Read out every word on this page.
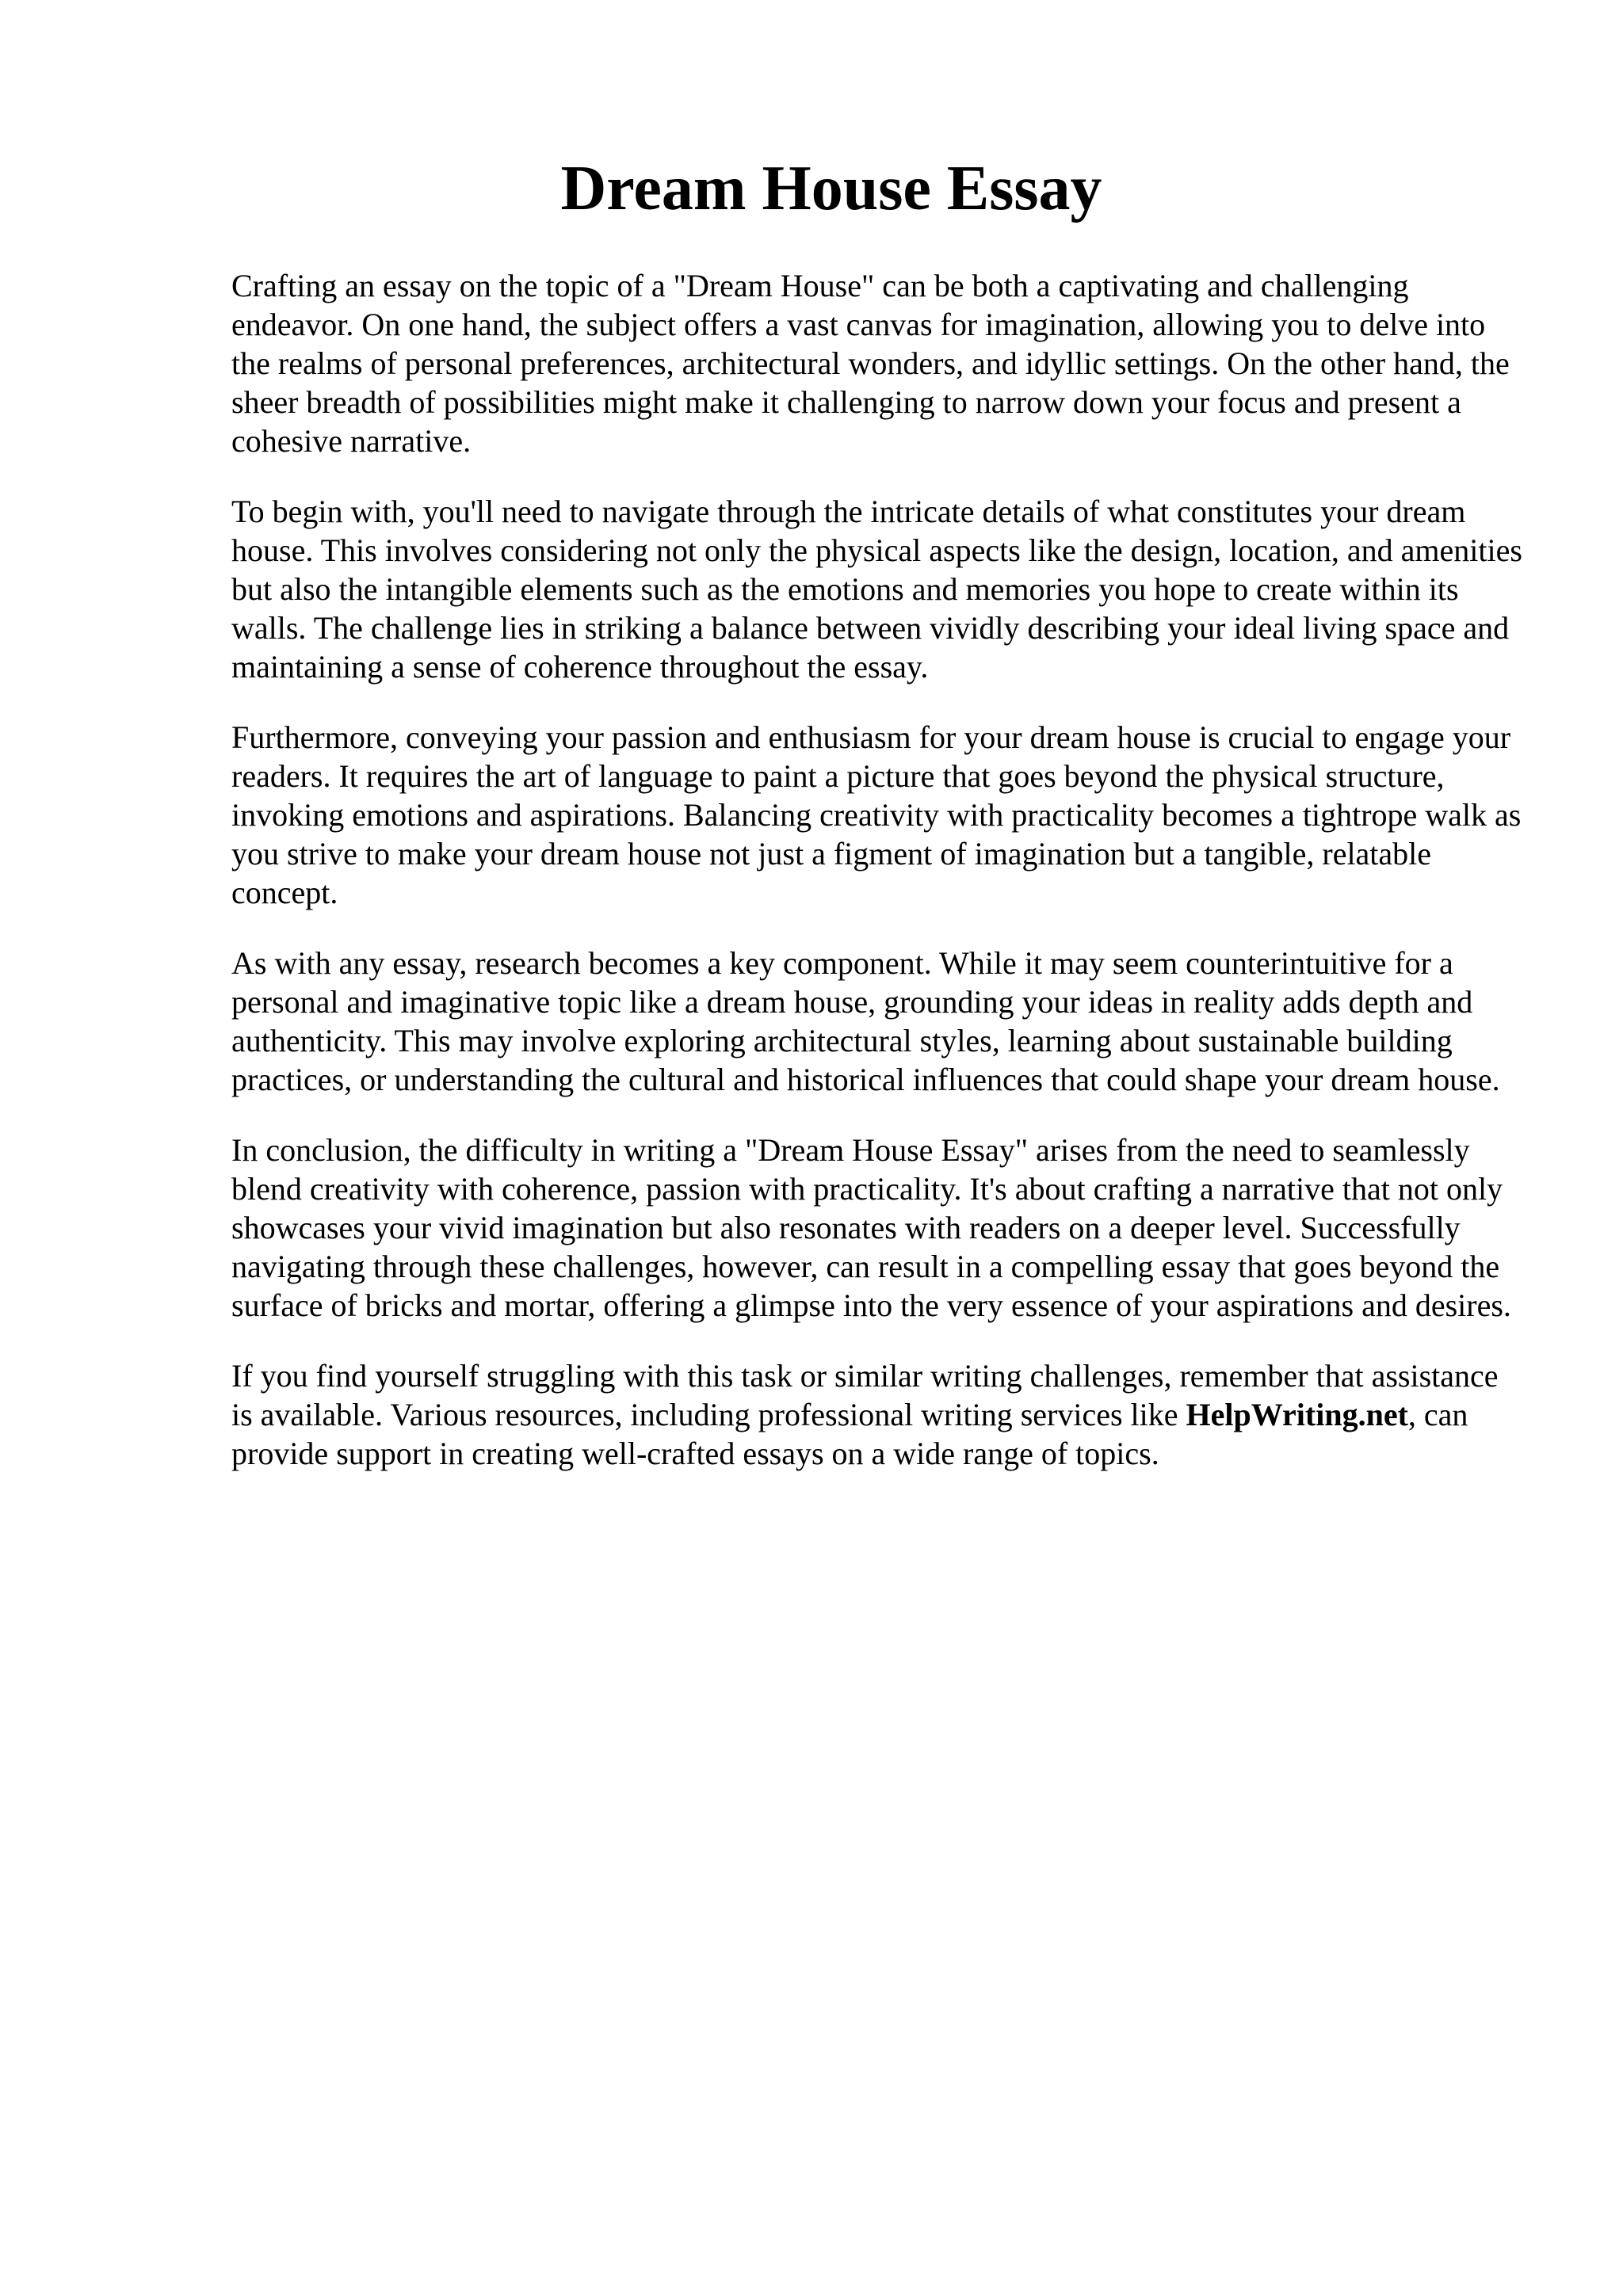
Dream House Essay

Crafting an essay on the topic of a "Dream House" can be both a captivating and challenging endeavor. On one hand, the subject offers a vast canvas for imagination, allowing you to delve into the realms of personal preferences, architectural wonders, and idyllic settings. On the other hand, the sheer breadth of possibilities might make it challenging to narrow down your focus and present a cohesive narrative.

To begin with, you'll need to navigate through the intricate details of what constitutes your dream house. This involves considering not only the physical aspects like the design, location, and amenities but also the intangible elements such as the emotions and memories you hope to create within its walls. The challenge lies in striking a balance between vividly describing your ideal living space and maintaining a sense of coherence throughout the essay.

Furthermore, conveying your passion and enthusiasm for your dream house is crucial to engage your readers. It requires the art of language to paint a picture that goes beyond the physical structure, invoking emotions and aspirations. Balancing creativity with practicality becomes a tightrope walk as you strive to make your dream house not just a figment of imagination but a tangible, relatable concept.

As with any essay, research becomes a key component. While it may seem counterintuitive for a personal and imaginative topic like a dream house, grounding your ideas in reality adds depth and authenticity. This may involve exploring architectural styles, learning about sustainable building practices, or understanding the cultural and historical influences that could shape your dream house.

In conclusion, the difficulty in writing a "Dream House Essay" arises from the need to seamlessly blend creativity with coherence, passion with practicality. It's about crafting a narrative that not only showcases your vivid imagination but also resonates with readers on a deeper level. Successfully navigating through these challenges, however, can result in a compelling essay that goes beyond the surface of bricks and mortar, offering a glimpse into the very essence of your aspirations and desires.

If you find yourself struggling with this task or similar writing challenges, remember that assistance is available. Various resources, including professional writing services like HelpWriting.net, can provide support in creating well-crafted essays on a wide range of topics.
